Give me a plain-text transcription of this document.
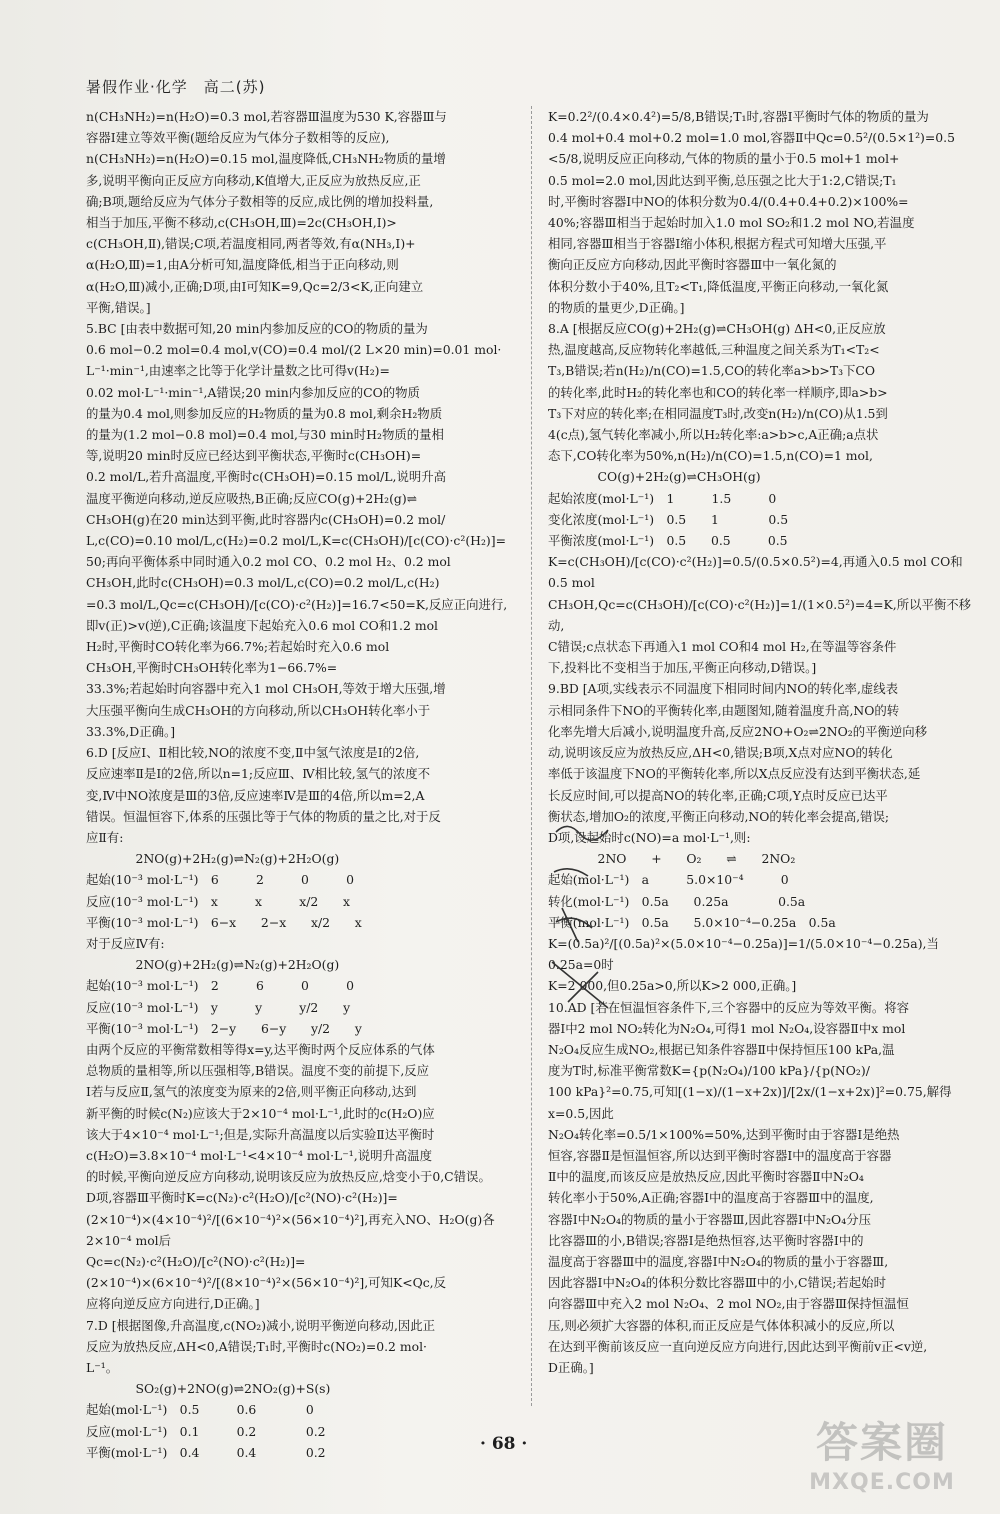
暑假作业·化学　高二(苏)
n(CH₃NH₂)=n(H₂O)=0.3 mol,若容器Ⅲ温度为530 K,容器Ⅲ与
容器Ⅰ建立等效平衡(题给反应为气体分子数相等的反应),
n(CH₃NH₂)=n(H₂O)=0.15 mol,温度降低,CH₃NH₂物质的量增
多,说明平衡向正反应方向移动,K值增大,正反应为放热反应,正
确;B项,题给反应为气体分子数相等的反应,成比例的增加投料量,
相当于加压,平衡不移动,c(CH₃OH,Ⅲ)=2c(CH₃OH,Ⅰ)>
c(CH₃OH,Ⅱ),错误;C项,若温度相同,两者等效,有α(NH₃,Ⅰ)+
α(H₂O,Ⅲ)=1,由A分析可知,温度降低,相当于正向移动,则
α(H₂O,Ⅲ)减小,正确;D项,由Ⅰ可知K=9,Qc=2/3<K,正向建立
平衡,错误。]
5.BC [由表中数据可知,20 min内参加反应的CO的物质的量为
0.6 mol−0.2 mol=0.4 mol,v(CO)=0.4 mol/(2 L×20 min)=0.01 mol·
L⁻¹·min⁻¹,由速率之比等于化学计量数之比可得v(H₂)=
0.02 mol·L⁻¹·min⁻¹,A错误;20 min内参加反应的CO的物质
的量为0.4 mol,则参加反应的H₂物质的量为0.8 mol,剩余H₂物质
的量为(1.2 mol−0.8 mol)=0.4 mol,与30 min时H₂物质的量相
等,说明20 min时反应已经达到平衡状态,平衡时c(CH₃OH)=
0.2 mol/L,若升高温度,平衡时c(CH₃OH)=0.15 mol/L,说明升高
温度平衡逆向移动,逆反应吸热,B正确;反应CO(g)+2H₂(g)⇌
CH₃OH(g)在20 min达到平衡,此时容器内c(CH₃OH)=0.2 mol/
L,c(CO)=0.10 mol/L,c(H₂)=0.2 mol/L,K=c(CH₃OH)/[c(CO)·c²(H₂)]=
50;再向平衡体系中同时通入0.2 mol CO、0.2 mol H₂、0.2 mol
CH₃OH,此时c(CH₃OH)=0.3 mol/L,c(CO)=0.2 mol/L,c(H₂)
=0.3 mol/L,Qc=c(CH₃OH)/[c(CO)·c²(H₂)]=16.7<50=K,反应正向进行,
即v(正)>v(逆),C正确;该温度下起始充入0.6 mol CO和1.2 mol
H₂时,平衡时CO转化率为66.7%;若起始时充入0.6 mol
CH₃OH,平衡时CH₃OH转化率为1−66.7%=
33.3%;若起始时向容器中充入1 mol CH₃OH,等效于增大压强,增
大压强平衡向生成CH₃OH的方向移动,所以CH₃OH转化率小于
33.3%,D正确。]
6.D [反应Ⅰ、Ⅱ相比较,NO的浓度不变,Ⅱ中氢气浓度是Ⅰ的2倍,
反应速率Ⅱ是Ⅰ的2倍,所以n=1;反应Ⅲ、Ⅳ相比较,氢气的浓度不
变,Ⅳ中NO浓度是Ⅲ的3倍,反应速率Ⅳ是Ⅲ的4倍,所以m=2,A
错误。恒温恒容下,体系的压强比等于气体的物质的量之比,对于反
应Ⅱ有:
　　　　2NO(g)+2H₂(g)⇌N₂(g)+2H₂O(g)
起始(10⁻³ mol·L⁻¹)　6　　　2　　　0　　　0
反应(10⁻³ mol·L⁻¹)　x　　　x　　　x/2　　x
平衡(10⁻³ mol·L⁻¹)　6−x　　2−x　　x/2　　x
对于反应Ⅳ有:
　　　　2NO(g)+2H₂(g)⇌N₂(g)+2H₂O(g)
起始(10⁻³ mol·L⁻¹)　2　　　6　　　0　　　0
反应(10⁻³ mol·L⁻¹)　y　　　y　　　y/2　　y
平衡(10⁻³ mol·L⁻¹)　2−y　　6−y　　y/2　　y
由两个反应的平衡常数相等得x=y,达平衡时两个反应体系的气体
总物质的量相等,所以压强相等,B错误。温度不变的前提下,反应
Ⅰ若与反应Ⅱ,氢气的浓度变为原来的2倍,则平衡正向移动,达到
新平衡的时候c(N₂)应该大于2×10⁻⁴ mol·L⁻¹,此时的c(H₂O)应
该大于4×10⁻⁴ mol·L⁻¹;但是,实际升高温度以后实验Ⅱ达平衡时
c(H₂O)=3.8×10⁻⁴ mol·L⁻¹<4×10⁻⁴ mol·L⁻¹,说明升高温度
的时候,平衡向逆反应方向移动,说明该反应为放热反应,焓变小于0,C错误。
D项,容器Ⅲ平衡时K=c(N₂)·c²(H₂O)/[c²(NO)·c²(H₂)]=
(2×10⁻⁴)×(4×10⁻⁴)²/[(6×10⁻⁴)²×(56×10⁻⁴)²],再充入NO、H₂O(g)各2×10⁻⁴ mol后
Qc=c(N₂)·c²(H₂O)/[c²(NO)·c²(H₂)]=(2×10⁻⁴)×(6×10⁻⁴)²/[(8×10⁻⁴)²×(56×10⁻⁴)²],可知K<Qc,反
应将向逆反应方向进行,D正确。]
7.D [根据图像,升高温度,c(NO₂)减小,说明平衡逆向移动,因此正
反应为放热反应,ΔH<0,A错误;T₁时,平衡时c(NO₂)=0.2 mol·
L⁻¹。
　　　　SO₂(g)+2NO(g)⇌2NO₂(g)+S(s)
起始(mol·L⁻¹)　0.5　　　0.6　　　　0
反应(mol·L⁻¹)　0.1　　　0.2　　　　0.2
平衡(mol·L⁻¹)　0.4　　　0.4　　　　0.2
K=0.2²/(0.4×0.4²)=5/8,B错误;T₁时,容器Ⅰ平衡时气体的物质的量为
0.4 mol+0.4 mol+0.2 mol=1.0 mol,容器Ⅱ中Qc=0.5²/(0.5×1²)=0.5
<5/8,说明反应正向移动,气体的物质的量小于0.5 mol+1 mol+
0.5 mol=2.0 mol,因此达到平衡,总压强之比大于1:2,C错误;T₁
时,平衡时容器Ⅰ中NO的体积分数为0.4/(0.4+0.4+0.2)×100%=
40%;容器Ⅲ相当于起始时加入1.0 mol SO₂和1.2 mol NO,若温度
相同,容器Ⅲ相当于容器Ⅰ缩小体积,根据方程式可知增大压强,平
衡向正反应方向移动,因此平衡时容器Ⅲ中一氧化氮的
体积分数小于40%,且T₂<T₁,降低温度,平衡正向移动,一氧化氮
的物质的量更少,D正确。]
8.A [根据反应CO(g)+2H₂(g)⇌CH₃OH(g) ΔH<0,正反应放
热,温度越高,反应物转化率越低,三种温度之间关系为T₁<T₂<
T₃,B错误;若n(H₂)/n(CO)=1.5,CO的转化率a>b>T₃下CO
的转化率,此时H₂的转化率也和CO的转化率一样顺序,即a>b>
T₃下对应的转化率;在相同温度T₃时,改变n(H₂)/n(CO)从1.5到
4(c点),氢气转化率减小,所以H₂转化率:a>b>c,A正确;a点状
态下,CO转化率为50%,n(H₂)/n(CO)=1.5,n(CO)=1 mol,
　　　　CO(g)+2H₂(g)⇌CH₃OH(g)
起始浓度(mol·L⁻¹)　1　　　1.5　　　0
变化浓度(mol·L⁻¹)　0.5　　1　　　　0.5
平衡浓度(mol·L⁻¹)　0.5　　0.5　　　0.5
K=c(CH₃OH)/[c(CO)·c²(H₂)]=0.5/(0.5×0.5²)=4,再通入0.5 mol CO和0.5 mol
CH₃OH,Qc=c(CH₃OH)/[c(CO)·c²(H₂)]=1/(1×0.5²)=4=K,所以平衡不移动,
C错误;c点状态下再通入1 mol CO和4 mol H₂,在等温等容条件
下,投料比不变相当于加压,平衡正向移动,D错误。]
9.BD [A项,实线表示不同温度下相同时间内NO的转化率,虚线表
示相同条件下NO的平衡转化率,由题图知,随着温度升高,NO的转
化率先增大后减小,说明温度升高,反应2NO+O₂⇌2NO₂的平衡逆向移
动,说明该反应为放热反应,ΔH<0,错误;B项,X点对应NO的转化
率低于该温度下NO的平衡转化率,所以X点反应没有达到平衡状态,延
长反应时间,可以提高NO的转化率,正确;C项,Y点时反应已达平
衡状态,增加O₂的浓度,平衡正向移动,NO的转化率会提高,错误;
D项,设起始时c(NO)=a mol·L⁻¹,则:
　　　　2NO　　+　　O₂　　⇌　　2NO₂
起始(mol·L⁻¹)　a　　　5.0×10⁻⁴　　　0
转化(mol·L⁻¹)　0.5a　　0.25a　　　　0.5a
平衡(mol·L⁻¹)　0.5a　　5.0×10⁻⁴−0.25a　0.5a
K=(0.5a)²/[(0.5a)²×(5.0×10⁻⁴−0.25a)]=1/(5.0×10⁻⁴−0.25a),当0.25a=0时
K=2 000,但0.25a>0,所以K>2 000,正确。]
10.AD [若在恒温恒容条件下,三个容器中的反应为等效平衡。将容
器Ⅰ中2 mol NO₂转化为N₂O₄,可得1 mol N₂O₄,设容器Ⅱ中x mol
N₂O₄反应生成NO₂,根据已知条件容器Ⅱ中保持恒压100 kPa,温
度为T时,标准平衡常数K={p(N₂O₄)/100 kPa}/{p(NO₂)/
100 kPa}²=0.75,可知[(1−x)/(1−x+2x)]/[2x/(1−x+2x)]²=0.75,解得x=0.5,因此
N₂O₄转化率=0.5/1×100%=50%,达到平衡时由于容器Ⅰ是绝热
恒容,容器Ⅱ是恒温恒容,所以达到平衡时容器Ⅰ中的温度高于容器
Ⅱ中的温度,而该反应是放热反应,因此平衡时容器Ⅱ中N₂O₄
转化率小于50%,A正确;容器Ⅰ中的温度高于容器Ⅲ中的温度,
容器Ⅰ中N₂O₄的物质的量小于容器Ⅲ,因此容器Ⅰ中N₂O₄分压
比容器Ⅲ的小,B错误;容器Ⅰ是绝热恒容,达平衡时容器Ⅰ中的
温度高于容器Ⅲ中的温度,容器Ⅰ中N₂O₄的物质的量小于容器Ⅲ,
因此容器Ⅰ中N₂O₄的体积分数比容器Ⅲ中的小,C错误;若起始时
向容器Ⅲ中充入2 mol N₂O₄、2 mol NO₂,由于容器Ⅲ保持恒温恒
压,则必须扩大容器的体积,而正反应是气体体积减小的反应,所以
在达到平衡前该反应一直向逆反应方向进行,因此达到平衡前v正<v逆,
D正确。]
· 68 ·	答案圈
MXQE.COM
